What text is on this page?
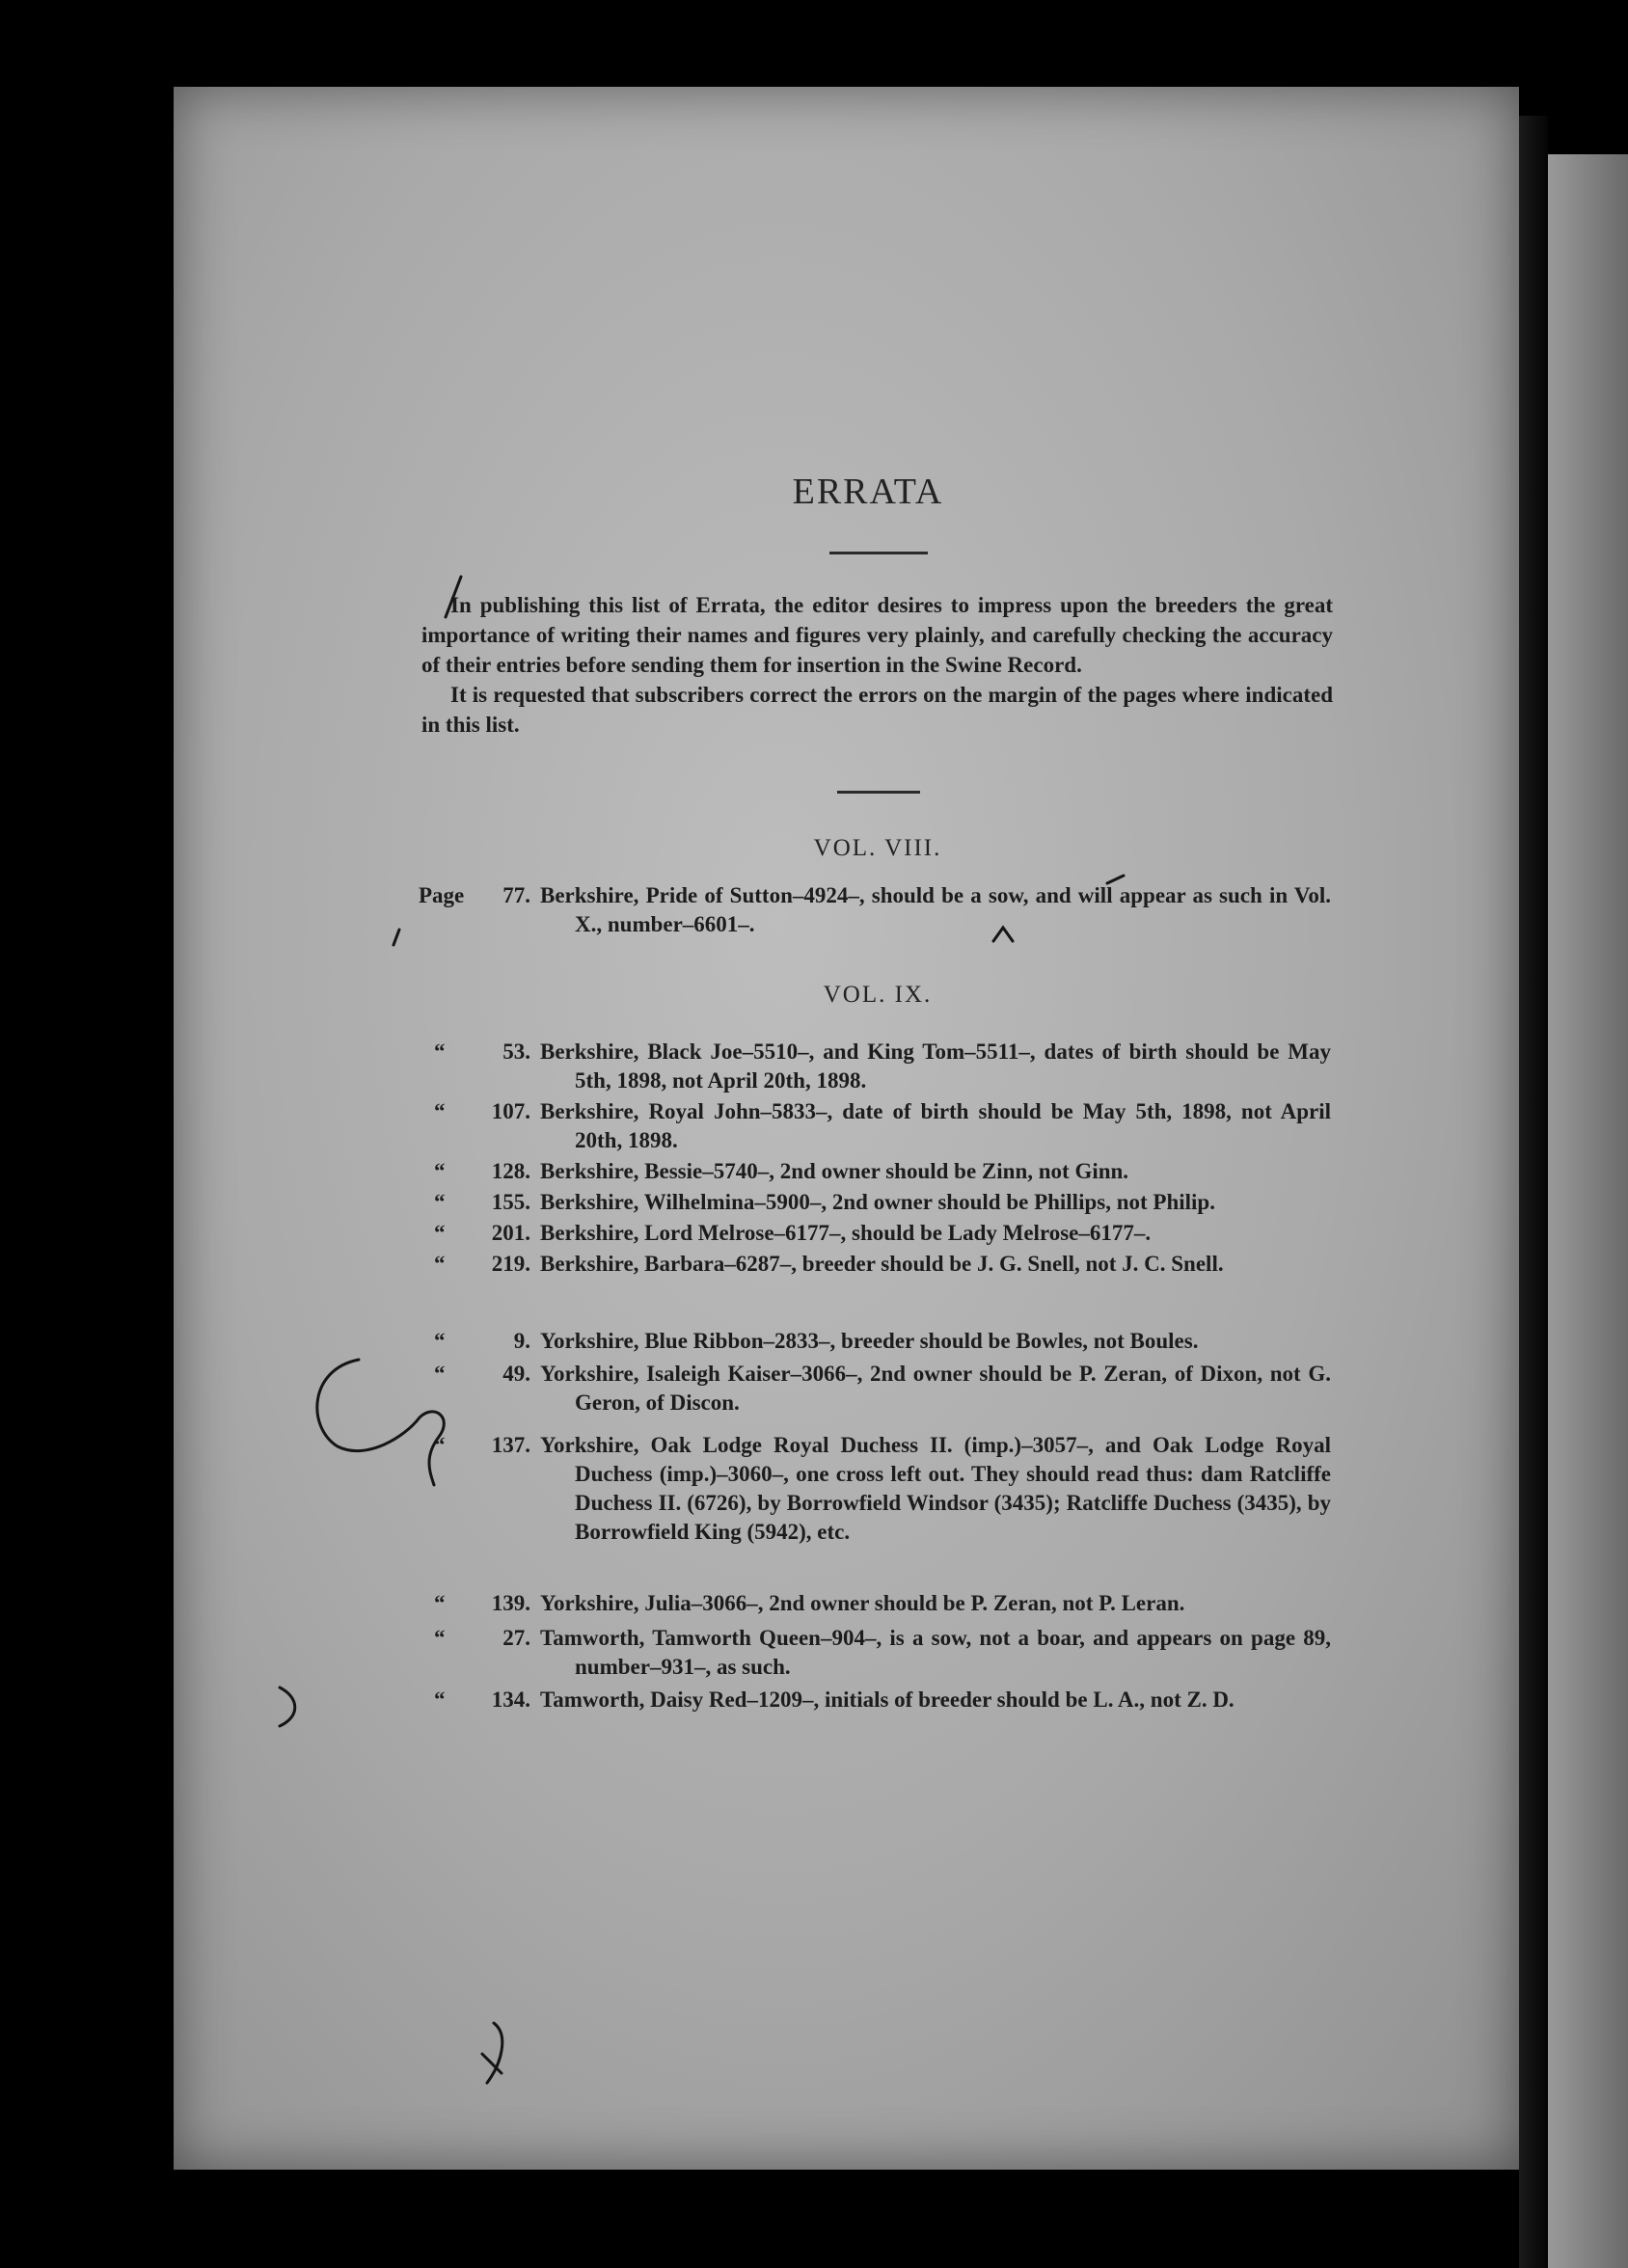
ERRATA

In publishing this list of Errata, the editor desires to impress upon the breeders the great importance of writing their names and figures very plainly, and carefully checking the accuracy of their entries before sending them for insertion in the Swine Record.

It is requested that subscribers correct the errors on the margin of the pages where indicated in this list.

VOL. VIII.
Page	77. Berkshire, Pride of Sutton–4924–, should be a sow, and will appear as such in Vol. X., number–6601–.
VOL. IX.
“	53. Berkshire, Black Joe–5510–, and King Tom–5511–, dates of birth should be May 5th, 1898, not April 20th, 1898.
“	107. Berkshire, Royal John–5833–, date of birth should be May 5th, 1898, not April 20th, 1898.
“	128. Berkshire, Bessie–5740–, 2nd owner should be Zinn, not Ginn.
“	155. Berkshire, Wilhelmina–5900–, 2nd owner should be Phillips, not Philip.
“	201. Berkshire, Lord Melrose–6177–, should be Lady Melrose–6177–.
“	219. Berkshire, Barbara–6287–, breeder should be J. G. Snell, not J. C. Snell.
“	9. Yorkshire, Blue Ribbon–2833–, breeder should be Bowles, not Boules.
“	49. Yorkshire, Isaleigh Kaiser–3066–, 2nd owner should be P. Zeran, of Dixon, not G. Geron, of Discon.
“	137. Yorkshire, Oak Lodge Royal Duchess II. (imp.)–3057–, and Oak Lodge Royal Duchess (imp.)–3060–, one cross left out. They should read thus: dam Ratcliffe Duchess II. (6726), by Borrowfield Windsor (3435); Ratcliffe Duchess (3435), by Borrowfield King (5942), etc.
“	139. Yorkshire, Julia–3066–, 2nd owner should be P. Zeran, not P. Leran.
“	27. Tamworth, Tamworth Queen–904–, is a sow, not a boar, and appears on page 89, number–931–, as such.
“	134. Tamworth, Daisy Red–1209–, initials of breeder should be L. A., not Z. D.
